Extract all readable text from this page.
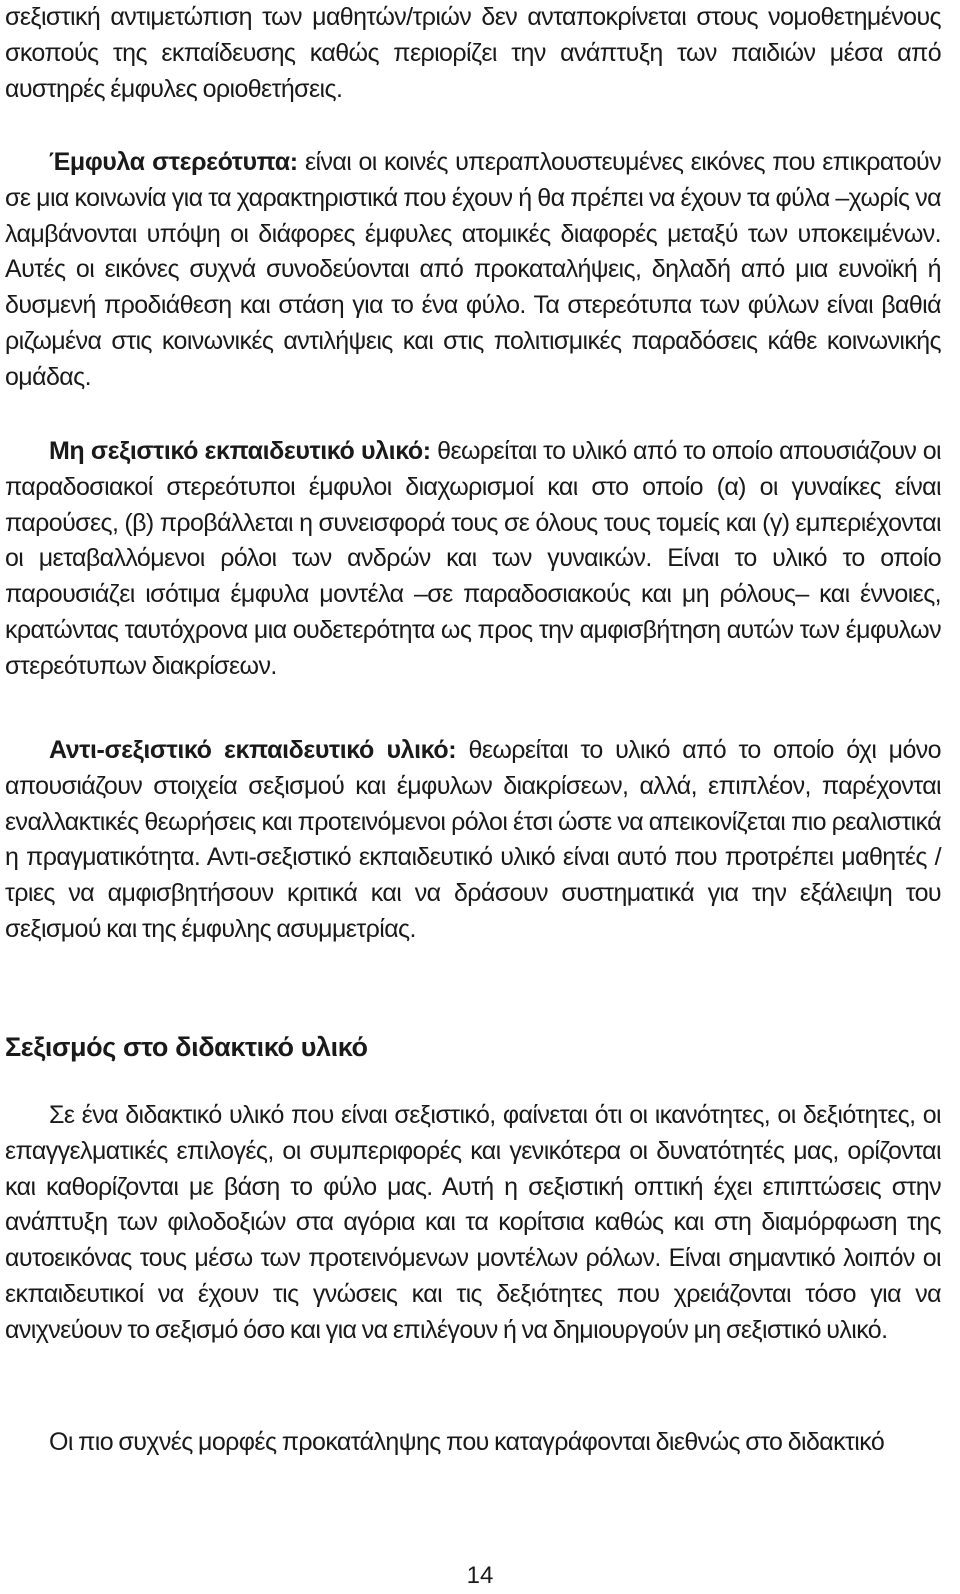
σεξιστική αντιμετώπιση των μαθητών/τριών δεν ανταποκρίνεται στους νομοθετημένους σκοπούς της εκπαίδευσης καθώς περιορίζει την ανάπτυξη των παιδιών μέσα από αυστηρές έμφυλες οριοθετήσεις.

Έμφυλα στερεότυπα: είναι οι κοινές υπεραπλουστευμένες εικόνες που επικρατούν σε μια κοινωνία για τα χαρακτηριστικά που έχουν ή θα πρέπει να έχουν τα φύλα –χωρίς να λαμβάνονται υπόψη οι διάφορες έμφυλες ατομικές διαφορές μεταξύ των υποκειμένων. Αυτές οι εικόνες συχνά συνοδεύονται από προκαταλήψεις, δηλαδή από μια ευνοϊκή ή δυσμενή προδιάθεση και στάση για το ένα φύλο. Τα στερεότυπα των φύλων είναι βαθιά ριζωμένα στις κοινωνικές αντιλήψεις και στις πολιτισμικές παραδόσεις κάθε κοινωνικής ομάδας.

Μη σεξιστικό εκπαιδευτικό υλικό: θεωρείται το υλικό από το οποίο απουσιάζουν οι παραδοσιακοί στερεότυποι έμφυλοι διαχωρισμοί και στο οποίο (α) οι γυναίκες είναι παρούσες, (β) προβάλλεται η συνεισφορά τους σε όλους τους τομείς και (γ) εμπεριέχονται οι μεταβαλλόμενοι ρόλοι των ανδρών και των γυναικών. Είναι το υλικό το οποίο παρουσιάζει ισότιμα έμφυλα μοντέλα –σε παραδοσιακούς και μη ρόλους– και έννοιες, κρατώντας ταυτόχρονα μια ουδετερότητα ως προς την αμφισβήτηση αυτών των έμφυλων στερεότυπων διακρίσεων.

Αντι-σεξιστικό εκπαιδευτικό υλικό: θεωρείται το υλικό από το οποίο όχι μόνο απουσιάζουν στοιχεία σεξισμού και έμφυλων διακρίσεων, αλλά, επιπλέον, παρέχονται εναλλακτικές θεωρήσεις και προτεινόμενοι ρόλοι έτσι ώστε να απεικονίζεται πιο ρεαλιστικά η πραγματικότητα. Αντι-σεξιστικό εκπαιδευτικό υλικό είναι αυτό που προτρέπει μαθητές /τριες να αμφισβητήσουν κριτικά και να δράσουν συστηματικά για την εξάλειψη του σεξισμού και της έμφυλης ασυμμετρίας.

Σεξισμός στο διδακτικό υλικό

Σε ένα διδακτικό υλικό που είναι σεξιστικό, φαίνεται ότι οι ικανότητες, οι δεξιότητες, οι επαγγελματικές επιλογές, οι συμπεριφορές και γενικότερα οι δυνατότητές μας, ορίζονται και καθορίζονται με βάση το φύλο μας. Αυτή η σεξιστική οπτική έχει επιπτώσεις στην ανάπτυξη των φιλοδοξιών στα αγόρια και τα κορίτσια καθώς και στη διαμόρφωση της αυτοεικόνας τους μέσω των προτεινόμενων μοντέλων ρόλων. Είναι σημαντικό λοιπόν οι εκπαιδευτικοί να έχουν τις γνώσεις και τις δεξιότητες που χρειάζονται τόσο για να ανιχνεύουν το σεξισμό όσο και για να επιλέγουν ή να δημιουργούν μη σεξιστικό υλικό.

Οι πιο συχνές μορφές προκατάληψης που καταγράφονται διεθνώς στο διδακτικό

14
